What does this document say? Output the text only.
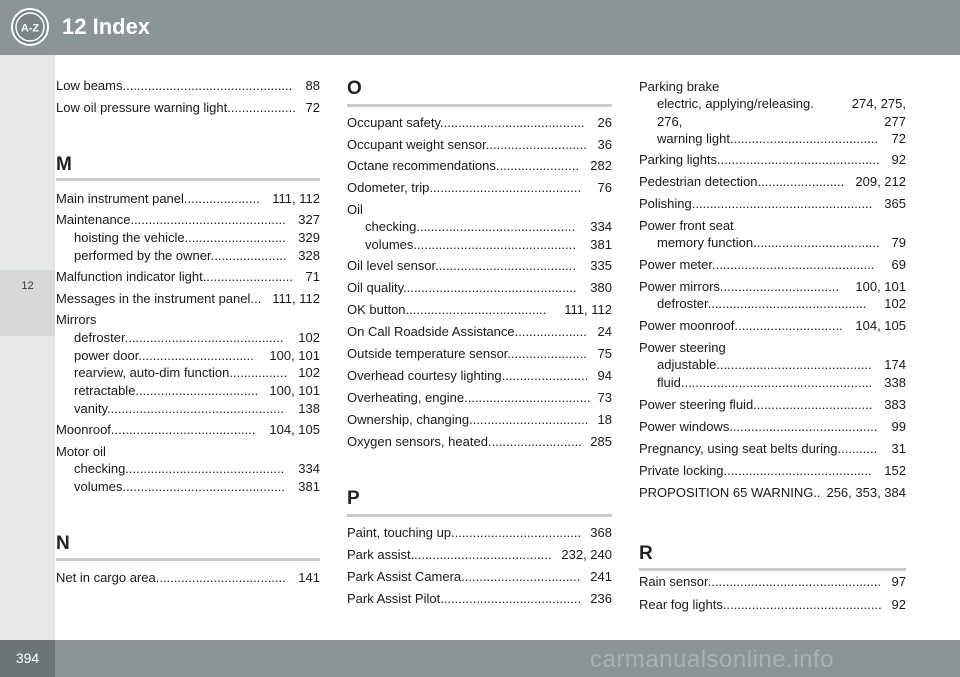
A-Z 12 Index
12
Low beams............................................... 88
Low oil pressure warning light................... 72
M
Main instrument panel..................... 111, 112
Maintenance........................................... 327
hoisting the vehicle............................ 329
performed by the owner..................... 328
Malfunction indicator light......................... 71
Messages in the instrument panel... 111, 112
Mirrors
defroster............................................ 102
power door................................ 100, 101
rearview, auto-dim function................ 102
retractable.................................. 100, 101
vanity................................................. 138
Moonroof........................................ 104, 105
Motor oil
checking............................................ 334
volumes............................................. 381
N
Net in cargo area.................................... 141
O
Occupant safety........................................ 26
Occupant weight sensor............................ 36
Octane recommendations....................... 282
Odometer, trip.......................................... 76
Oil
checking............................................ 334
volumes............................................. 381
Oil level sensor....................................... 335
Oil quality................................................ 380
OK button....................................... 111, 112
On Call Roadside Assistance.................... 24
Outside temperature sensor...................... 75
Overhead courtesy lighting........................ 94
Overheating, engine................................... 73
Ownership, changing................................. 18
Oxygen sensors, heated.......................... 285
P
Paint, touching up.................................... 368
Park assist....................................... 232, 240
Park Assist Camera................................. 241
Park Assist Pilot....................................... 236
Parking brake
electric, applying/releasing.	274, 275,
276,	277
warning light......................................... 72
Parking lights............................................. 92
Pedestrian detection........................ 209, 212
Polishing.................................................. 365
Power front seat
memory function................................... 79
Power meter............................................. 69
Power mirrors................................. 100, 101
defroster............................................ 102
Power moonroof.............................. 104, 105
Power steering
adjustable........................................... 174
fluid..................................................... 338
Power steering fluid................................. 383
Power windows......................................... 99
Pregnancy, using seat belts during........... 31
Private locking......................................... 152
PROPOSITION 65 WARNING.. 256, 353, 384
R
Rain sensor................................................ 97
Rear fog lights............................................ 92
394	carmanualsonline.info
